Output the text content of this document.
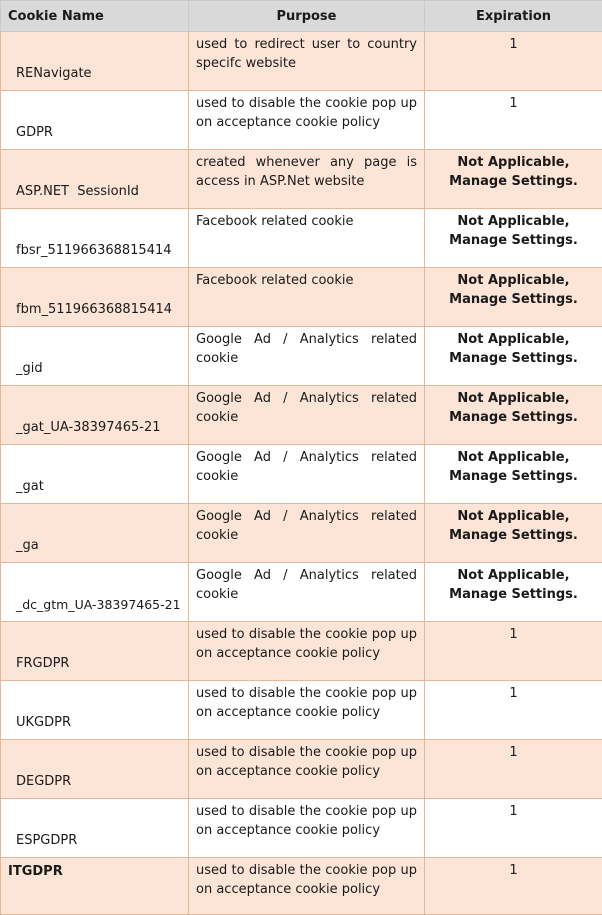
Cookie Name	Purpose	Expiration
RENavigate	used to redirect user to country specifc website	1
GDPR	used to disable the cookie pop up on acceptance cookie policy	1
ASP.NET  SessionId	created whenever any page is access in ASP.Net website	Not Applicable, Manage Settings.
fbsr_511966368815414	Facebook related cookie	Not Applicable, Manage Settings.
fbm_511966368815414	Facebook related cookie	Not Applicable, Manage Settings.
_gid	Google Ad / Analytics related cookie	Not Applicable, Manage Settings.
_gat_UA-38397465-21	Google Ad / Analytics related cookie	Not Applicable, Manage Settings.
_gat	Google Ad / Analytics related cookie	Not Applicable, Manage Settings.
_ga	Google Ad / Analytics related cookie	Not Applicable, Manage Settings.
_dc_gtm_UA-38397465-21	Google Ad / Analytics related cookie	Not Applicable, Manage Settings.
FRGDPR	used to disable the cookie pop up on acceptance cookie policy	1
UKGDPR	used to disable the cookie pop up on acceptance cookie policy	1
DEGDPR	used to disable the cookie pop up on acceptance cookie policy	1
ESPGDPR	used to disable the cookie pop up on acceptance cookie policy	1
ITGDPR	used to disable the cookie pop up on acceptance cookie policy	1
